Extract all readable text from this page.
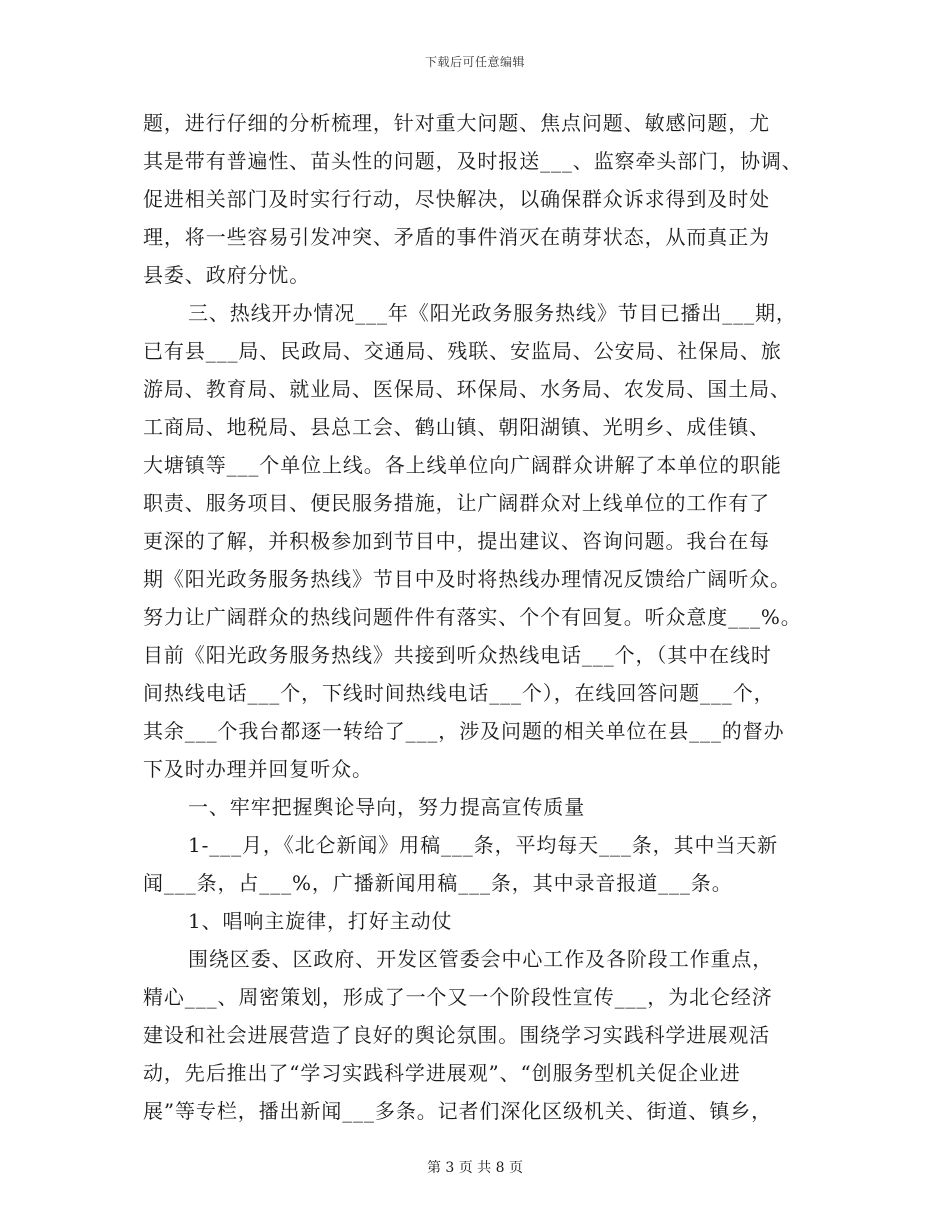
下载后可任意编辑
题，进行仔细的分析梳理，针对重大问题、焦点问题、敏感问题，尤
其是带有普遍性、苗头性的问题，及时报送___、监察牵头部门，协调、
促进相关部门及时实行行动，尽快解决，以确保群众诉求得到及时处
理，将一些容易引发冲突、矛盾的事件消灭在萌芽状态，从而真正为
县委、政府分忧。
三、热线开办情况___年《阳光政务服务热线》节目已播出___期，
已有县___局、民政局、交通局、残联、安监局、公安局、社保局、旅
游局、教育局、就业局、医保局、环保局、水务局、农发局、国土局、
工商局、地税局、县总工会、鹤山镇、朝阳湖镇、光明乡、成佳镇、
大塘镇等___个单位上线。各上线单位向广阔群众讲解了本单位的职能
职责、服务项目、便民服务措施，让广阔群众对上线单位的工作有了
更深的了解，并积极参加到节目中，提出建议、咨询问题。我台在每
期《阳光政务服务热线》节目中及时将热线办理情况反馈给广阔听众。
努力让广阔群众的热线问题件件有落实、个个有回复。听众意度___%。
目前《阳光政务服务热线》共接到听众热线电话___个，（其中在线时
间热线电话___个，下线时间热线电话___个），在线回答问题___个，
其余___个我台都逐一转给了___，涉及问题的相关单位在县___的督办
下及时办理并回复听众。
一、牢牢把握舆论导向，努力提高宣传质量
1-___月，《北仑新闻》用稿___条，平均每天___条，其中当天新
闻___条，占___%，广播新闻用稿___条，其中录音报道___条。
1、唱响主旋律，打好主动仗
围绕区委、区政府、开发区管委会中心工作及各阶段工作重点，
精心___、周密策划，形成了一个又一个阶段性宣传___，为北仑经济
建设和社会进展营造了良好的舆论氛围。围绕学习实践科学进展观活
动，先后推出了“学习实践科学进展观”、“创服务型机关促企业进
展”等专栏，播出新闻___多条。记者们深化区级机关、街道、镇乡，
第 3 页 共 8 页
